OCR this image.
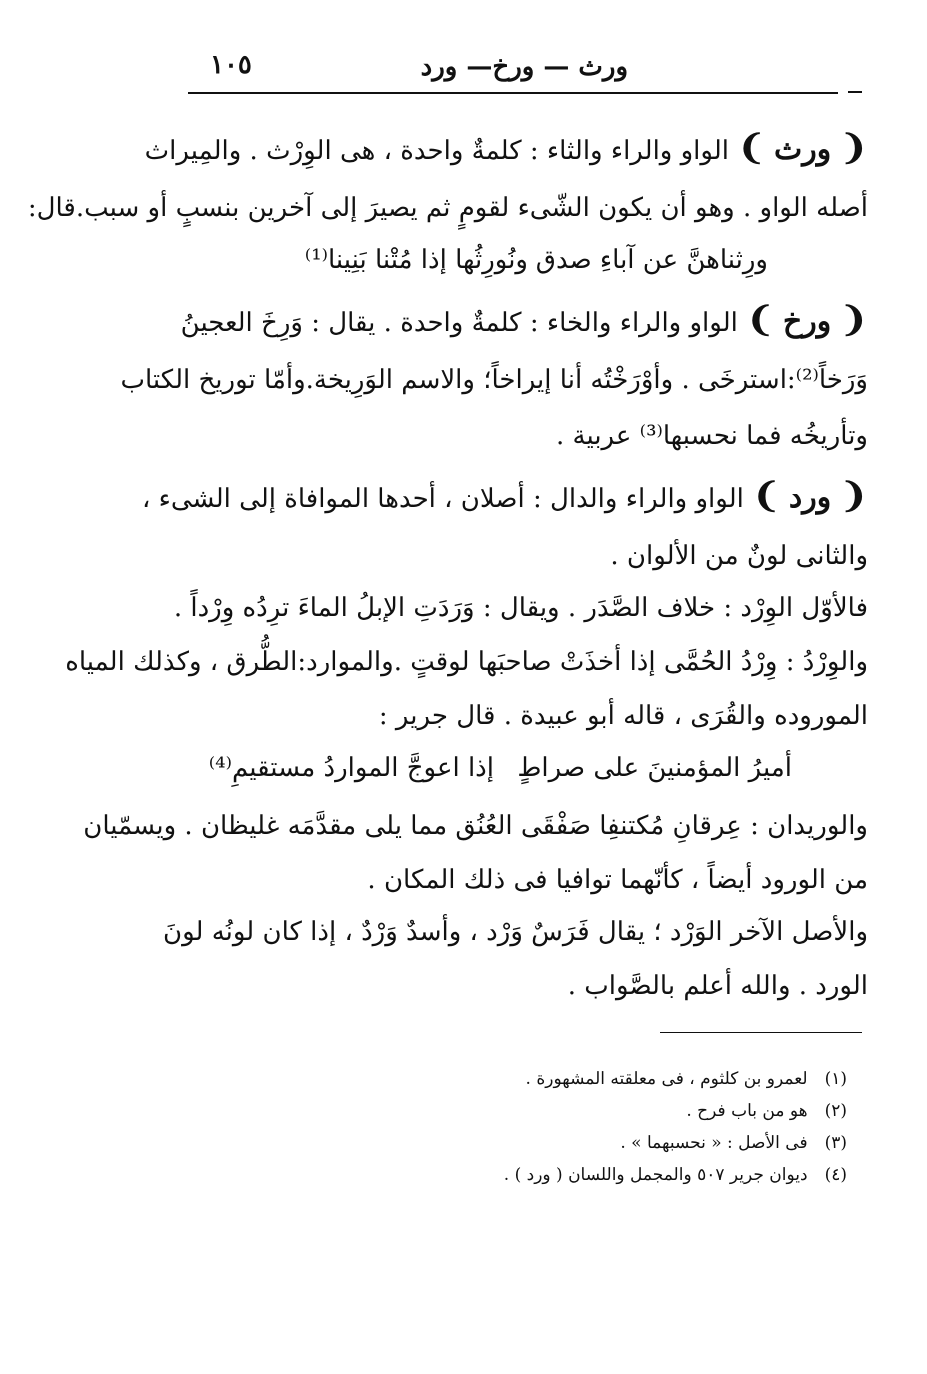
ورث — ورخ— ورد
١٠٥
❨ ورث ❩ الواو والراء والثاء : كلمةٌ واحدة ، هى الوِرْث . والمِيراث
أصله الواو . وهو أن يكون الشّىء لقومٍ ثم يصيرَ إلى آخرين بنسبٍ أو سبب.قال:
ورِثناهنَّ عن آباءِ صدق
ونُورِثُها إذا مُتْنا بَنِينا⁽¹⁾
❨ ورخ ❩ الواو والراء والخاء : كلمةٌ واحدة . يقال : وَرِخَ العجينُ
وَرَخاً⁽²⁾:استرخَى . وأوْرَخْتُه أنا إيراخاً؛ والاسم الوَرِيخة.وأمّا توريخ الكتاب
وتأريخُه فما نحسبها⁽³⁾ عربية .
❨ ورد ❩ الواو والراء والدال : أصلان ، أحدها الموافاة إلى الشىء ،
والثانى لونٌ من الألوان .
فالأوّل الوِرْد : خلاف الصَّدَر . ويقال : وَرَدَتِ الإبلُ الماءَ ترِدُه وِرْداً .
والوِرْدُ : وِرْدُ الحُمَّى إذا أخذَتْ صاحبَها لوقتٍ .والموارد:الطُّرق ، وكذلك المياه
الموروده والقُرَى ، قاله أبو عبيدة . قال جرير :
أميرُ المؤمنينَ على صراطٍ
إذا اعوجَّ المواردُ مستقيمِ⁽⁴⁾
والوريدان : عِرقانِ مُكتنفِا صَفْقَى العُنُق مما يلى مقدَّمَه غليظان . ويسمّيان
من الورود أيضاً ، كأنّهما توافيا فى ذلك المكان .
والأصل الآخر الوَرْد ؛ يقال فَرَسٌ وَرْد ، وأسدٌ وَرْدٌ ، إذا كان لونُه لونَ
الورد . والله أعلم بالصَّواب .
(١) لعمرو بن كلثوم ، فى معلقته المشهورة .
(٢) هو من باب فرح .
(٣) فى الأصل : « نحسبهما » .
(٤) ديوان جرير ٥٠٧ والمجمل واللسان ( ورد ) .
